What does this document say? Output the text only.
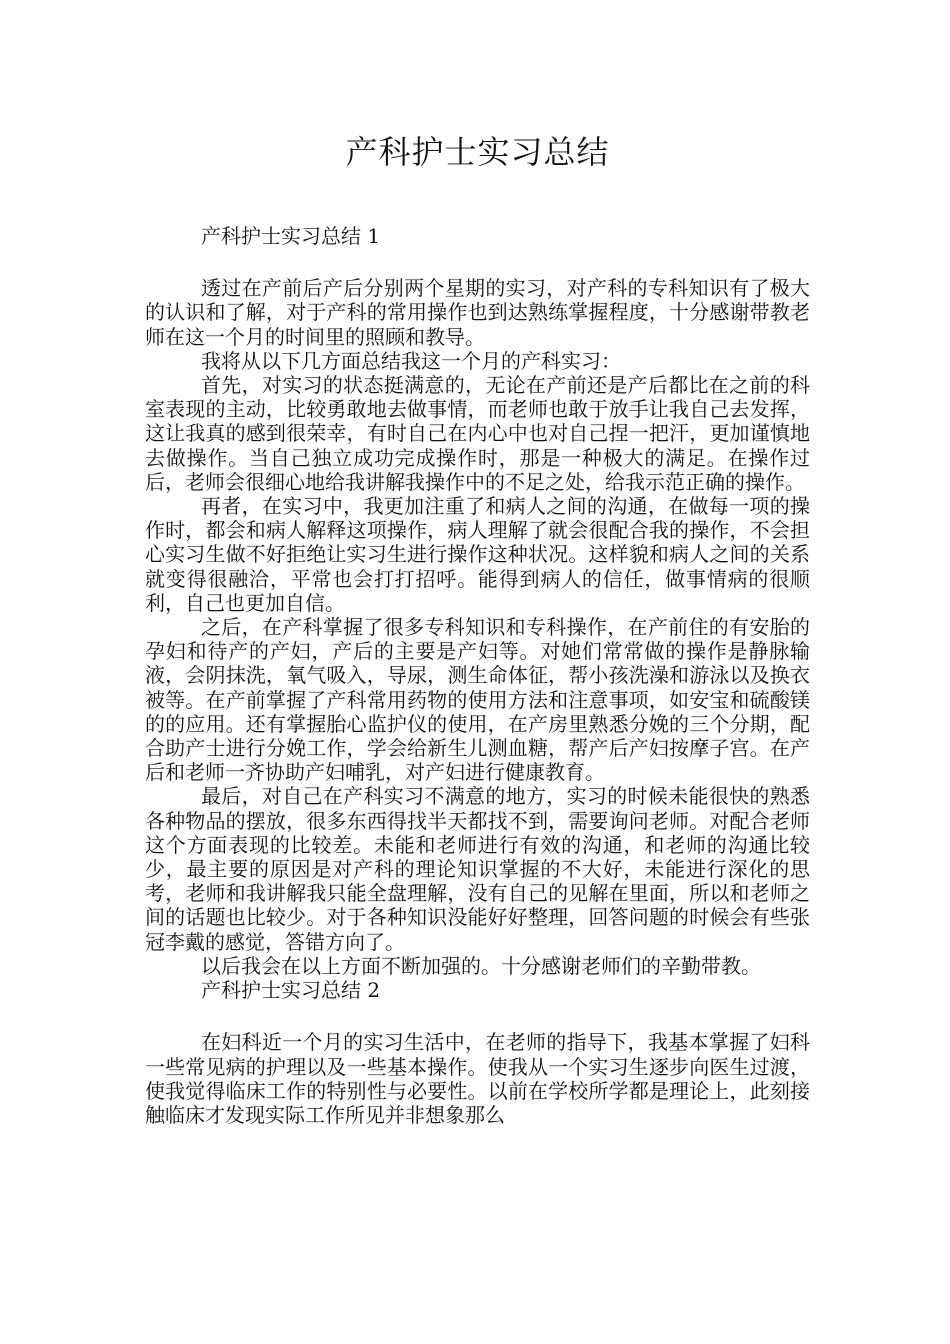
产科护士实习总结
产科护士实习总结 1

透过在产前后产后分别两个星期的实习，对产科的专科知识有了极大的认识和了解，对于产科的常用操作也到达熟练掌握程度，十分感谢带教老师在这一个月的时间里的照顾和教导。

我将从以下几方面总结我这一个月的产科实习：

首先，对实习的状态挺满意的，无论在产前还是产后都比在之前的科室表现的主动，比较勇敢地去做事情，而老师也敢于放手让我自己去发挥，这让我真的感到很荣幸，有时自己在内心中也对自己捏一把汗，更加谨慎地去做操作。当自己独立成功完成操作时，那是一种极大的满足。在操作过后，老师会很细心地给我讲解我操作中的不足之处，给我示范正确的操作。

再者，在实习中，我更加注重了和病人之间的沟通，在做每一项的操作时，都会和病人解释这项操作，病人理解了就会很配合我的操作，不会担心实习生做不好拒绝让实习生进行操作这种状况。这样貌和病人之间的关系就变得很融洽，平常也会打打招呼。能得到病人的信任，做事情病的很顺利，自己也更加自信。

之后，在产科掌握了很多专科知识和专科操作，在产前住的有安胎的孕妇和待产的产妇，产后的主要是产妇等。对她们常常做的操作是静脉输液，会阴抹洗，氧气吸入，导尿，测生命体征，帮小孩洗澡和游泳以及换衣被等。在产前掌握了产科常用药物的使用方法和注意事项，如安宝和硫酸镁的的应用。还有掌握胎心监护仪的使用，在产房里熟悉分娩的三个分期，配合助产士进行分娩工作，学会给新生儿测血糖，帮产后产妇按摩子宫。在产后和老师一齐协助产妇哺乳，对产妇进行健康教育。

最后，对自己在产科实习不满意的地方，实习的时候未能很快的熟悉各种物品的摆放，很多东西得找半天都找不到，需要询问老师。对配合老师这个方面表现的比较差。未能和老师进行有效的沟通，和老师的沟通比较少，最主要的原因是对产科的理论知识掌握的不大好，未能进行深化的思考，老师和我讲解我只能全盘理解，没有自己的见解在里面，所以和老师之间的话题也比较少。对于各种知识没能好好整理，回答问题的时候会有些张冠李戴的感觉，答错方向了。

以后我会在以上方面不断加强的。十分感谢老师们的辛勤带教。

产科护士实习总结 2

在妇科近一个月的实习生活中，在老师的指导下，我基本掌握了妇科一些常见病的护理以及一些基本操作。使我从一个实习生逐步向医生过渡，使我觉得临床工作的特别性与必要性。以前在学校所学都是理论上，此刻接触临床才发现实际工作所见并非想象那么
